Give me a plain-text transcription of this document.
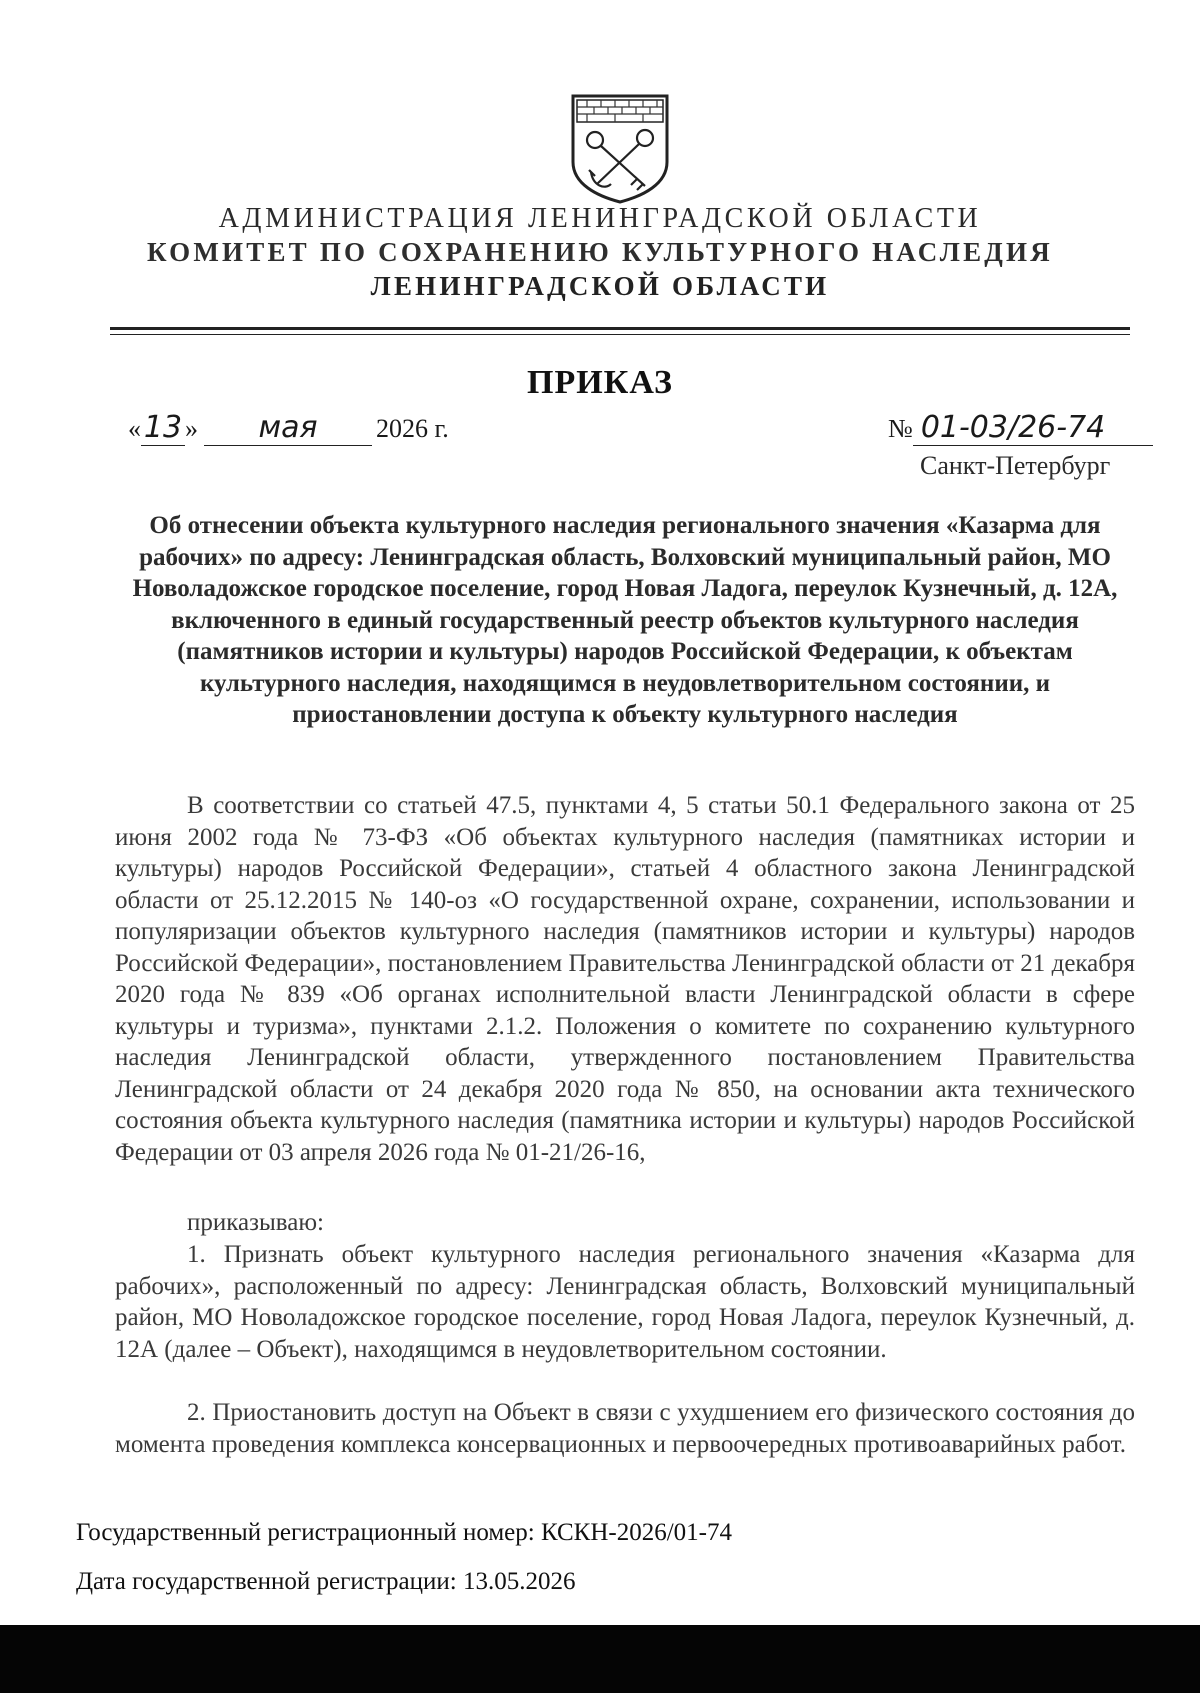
АДМИНИСТРАЦИЯ ЛЕНИНГРАДСКОЙ ОБЛАСТИ
КОМИТЕТ ПО СОХРАНЕНИЮ КУЛЬТУРНОГО НАСЛЕДИЯ
ЛЕНИНГРАДСКОЙ ОБЛАСТИ
ПРИКАЗ
«13 » мая 2026 г.	№ 01-03/26-74
Санкт-Петербург
Об отнесении объекта культурного наследия регионального значения «Казарма для рабочих» по адресу: Ленинградская область, Волховский муниципальный район, МО Новоладожское городское поселение, город Новая Ладога, переулок Кузнечный, д. 12А, включенного в единый государственный реестр объектов культурного наследия (памятников истории и культуры) народов Российской Федерации, к объектам культурного наследия, находящимся в неудовлетворительном состоянии, и приостановлении доступа к объекту культурного наследия
В соответствии со статьей 47.5, пунктами 4, 5 статьи 50.1 Федерального закона от 25 июня 2002 года № 73-ФЗ «Об объектах культурного наследия (памятниках истории и культуры) народов Российской Федерации», статьей 4 областного закона Ленинградской области от 25.12.2015 № 140-оз «О государственной охране, сохранении, использовании и популяризации объектов культурного наследия (памятников истории и культуры) народов Российской Федерации», постановлением Правительства Ленинградской области от 21 декабря 2020 года № 839 «Об органах исполнительной власти Ленинградской области в сфере культуры и туризма», пунктами 2.1.2. Положения о комитете по сохранению культурного наследия Ленинградской области, утвержденного постановлением Правительства Ленинградской области от 24 декабря 2020 года № 850, на основании акта технического состояния объекта культурного наследия (памятника истории и культуры) народов Российской Федерации от 03 апреля 2026 года № 01-21/26-16,
приказываю:
1. Признать объект культурного наследия регионального значения «Казарма для рабочих», расположенный по адресу: Ленинградская область, Волховский муниципальный район, МО Новоладожское городское поселение, город Новая Ладога, переулок Кузнечный, д. 12А (далее – Объект), находящимся в неудовлетворительном состоянии.
2. Приостановить доступ на Объект в связи с ухудшением его физического состояния до момента проведения комплекса консервационных и первоочередных противоаварийных работ.
Государственный регистрационный номер: КСКН-2026/01-74
Дата государственной регистрации: 13.05.2026
